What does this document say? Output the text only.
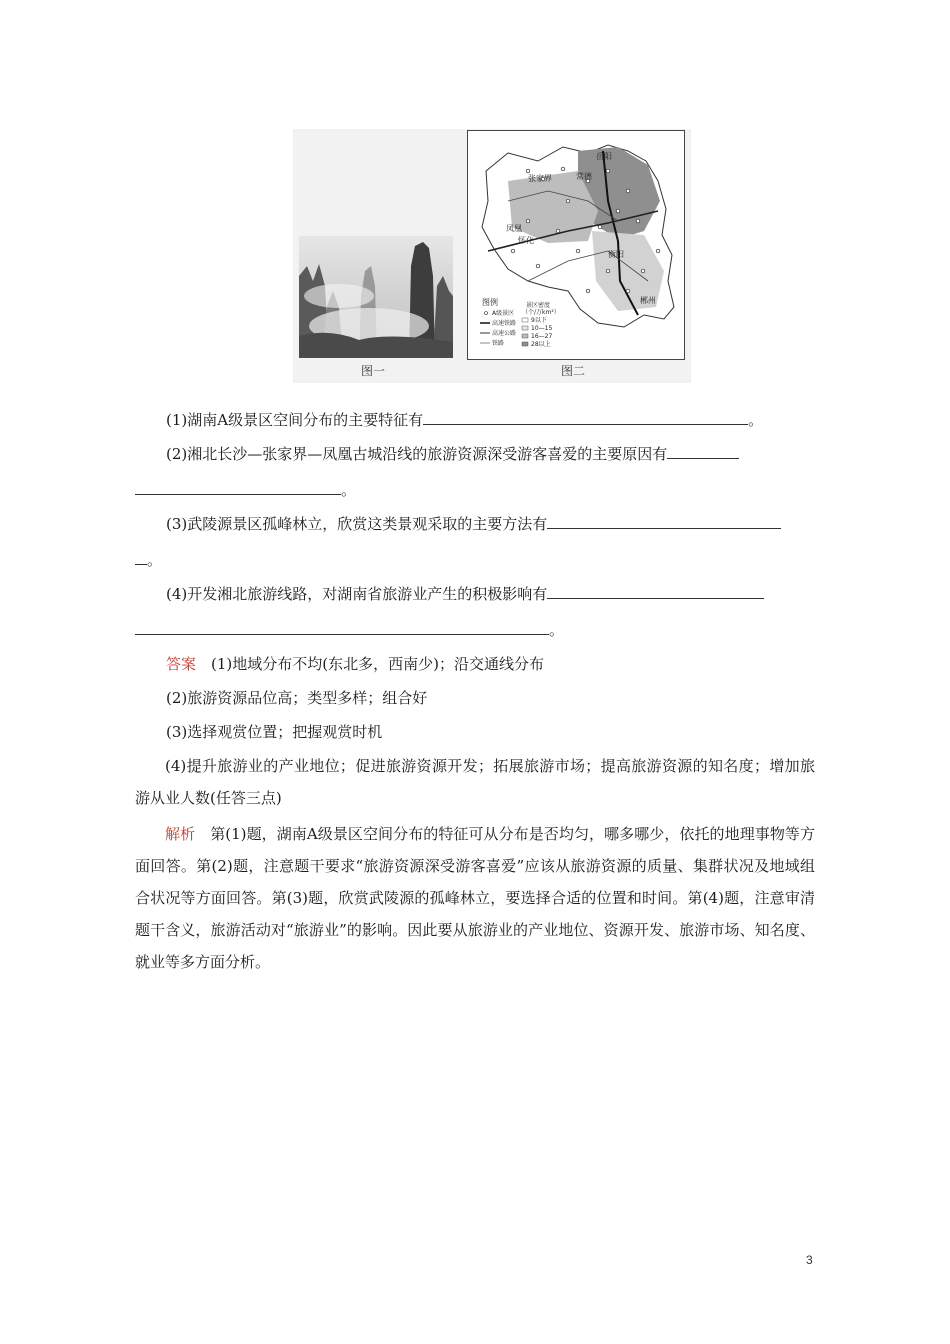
岳阳
张家界	常德
凤凰
怀化
衡阳
郴州
图例
A级景区
高速铁路
高速公路
铁路
景区密度
（个/万km²）
9以下
10—15
16—27
28以上
图一	图二
(1)湖南A级景区空间分布的主要特征有	。
(2)湘北长沙—张家界—凤凰古城沿线的旅游资源深受游客喜爱的主要原因有
。
(3)武陵源景区孤峰林立，欣赏这类景观采取的主要方法有
。
(4)开发湘北旅游线路，对湖南省旅游业产生的积极影响有
。
答案　 (1)地域分布不均(东北多，西南少)；沿交通线分布
(2)旅游资源品位高；类型多样；组合好
(3)选择观赏位置；把握观赏时机
(4)提升旅游业的产业地位；促进旅游资源开发；拓展旅游市场；提高旅游资源的知名度；增加旅游从业人数(任答三点)
解析　 第(1)题，湖南A级景区空间分布的特征可从分布是否均匀，哪多哪少，依托的地理事物等方面回答。第(2)题，注意题干要求“旅游资源深受游客喜爱”应该从旅游资源的质量、集群状况及地域组合状况等方面回答。第(3)题，欣赏武陵源的孤峰林立，要选择合适的位置和时间。第(4)题，注意审清题干含义，旅游活动对“旅游业”的影响。因此要从旅游业的产业地位、资源开发、旅游市场、知名度、就业等多方面分析。
3
